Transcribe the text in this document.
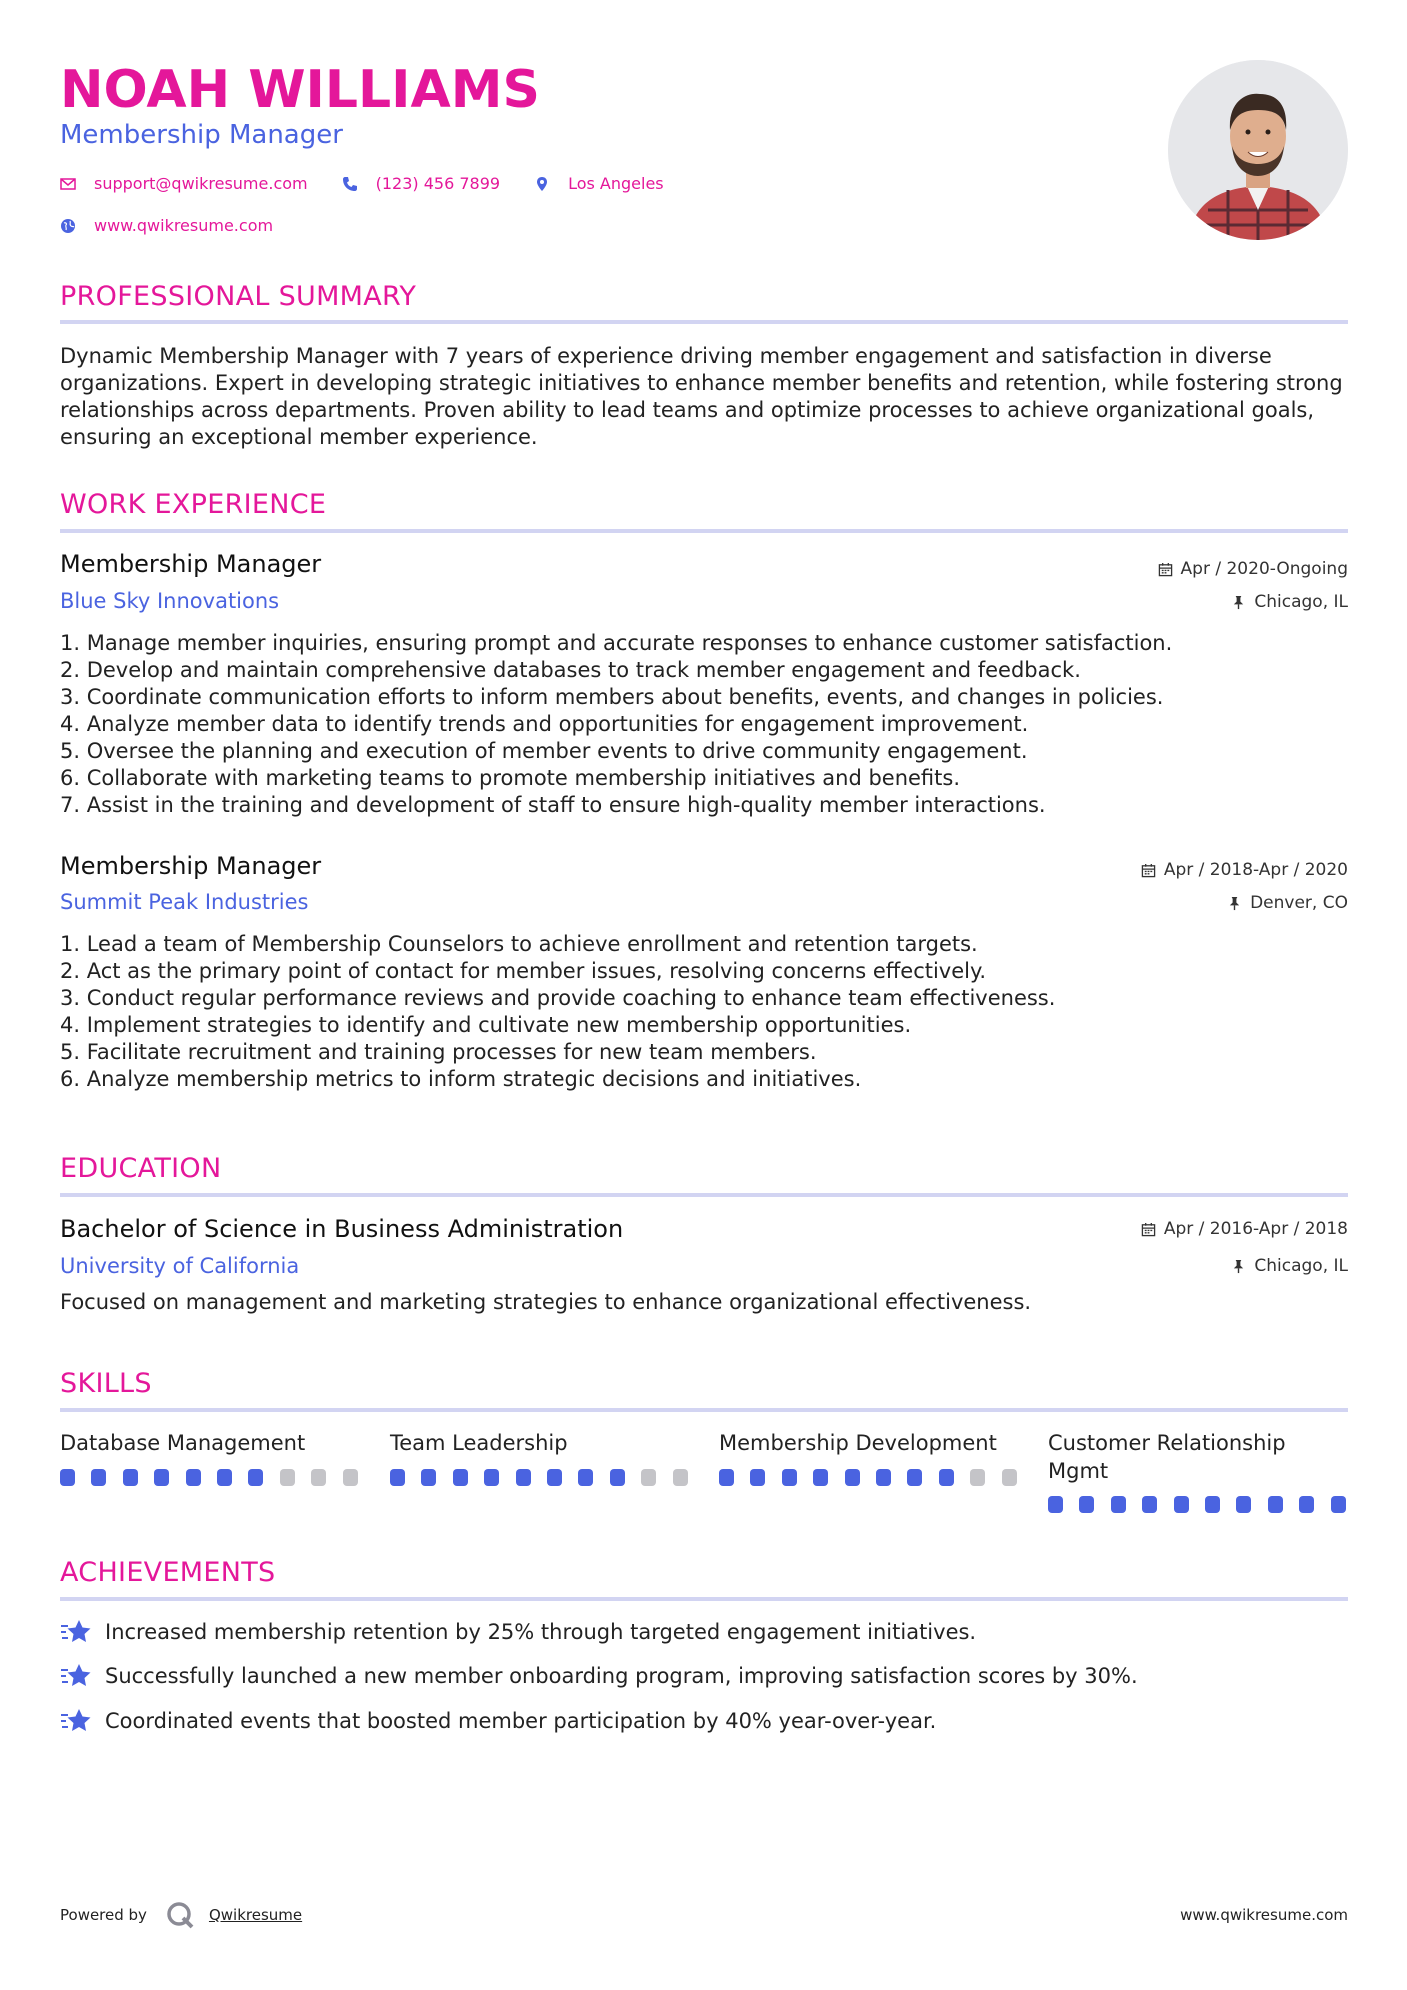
NOAH WILLIAMS
Membership Manager
support@qwikresume.com	(123) 456 7899	Los Angeles
www.qwikresume.com
PROFESSIONAL SUMMARY
Dynamic Membership Manager with 7 years of experience driving member engagement and satisfaction in diverse
organizations. Expert in developing strategic initiatives to enhance member benefits and retention, while fostering strong
relationships across departments. Proven ability to lead teams and optimize processes to achieve organizational goals,
ensuring an exceptional member experience.
WORK EXPERIENCE
Membership Manager	Apr / 2020-Ongoing
Blue Sky Innovations	Chicago, IL
1. Manage member inquiries, ensuring prompt and accurate responses to enhance customer satisfaction.
2. Develop and maintain comprehensive databases to track member engagement and feedback.
3. Coordinate communication efforts to inform members about benefits, events, and changes in policies.
4. Analyze member data to identify trends and opportunities for engagement improvement.
5. Oversee the planning and execution of member events to drive community engagement.
6. Collaborate with marketing teams to promote membership initiatives and benefits.
7. Assist in the training and development of staff to ensure high-quality member interactions.
Membership Manager	Apr / 2018-Apr / 2020
Summit Peak Industries	Denver, CO
1. Lead a team of Membership Counselors to achieve enrollment and retention targets.
2. Act as the primary point of contact for member issues, resolving concerns effectively.
3. Conduct regular performance reviews and provide coaching to enhance team effectiveness.
4. Implement strategies to identify and cultivate new membership opportunities.
5. Facilitate recruitment and training processes for new team members.
6. Analyze membership metrics to inform strategic decisions and initiatives.
EDUCATION
Bachelor of Science in Business Administration	Apr / 2016-Apr / 2018
University of California	Chicago, IL
Focused on management and marketing strategies to enhance organizational effectiveness.
SKILLS
Database Management	Team Leadership	Membership Development	Customer Relationship Mgmt
ACHIEVEMENTS
Increased membership retention by 25% through targeted engagement initiatives.
Successfully launched a new member onboarding program, improving satisfaction scores by 30%.
Coordinated events that boosted member participation by 40% year-over-year.
Powered by	Qwikresume	www.qwikresume.com
